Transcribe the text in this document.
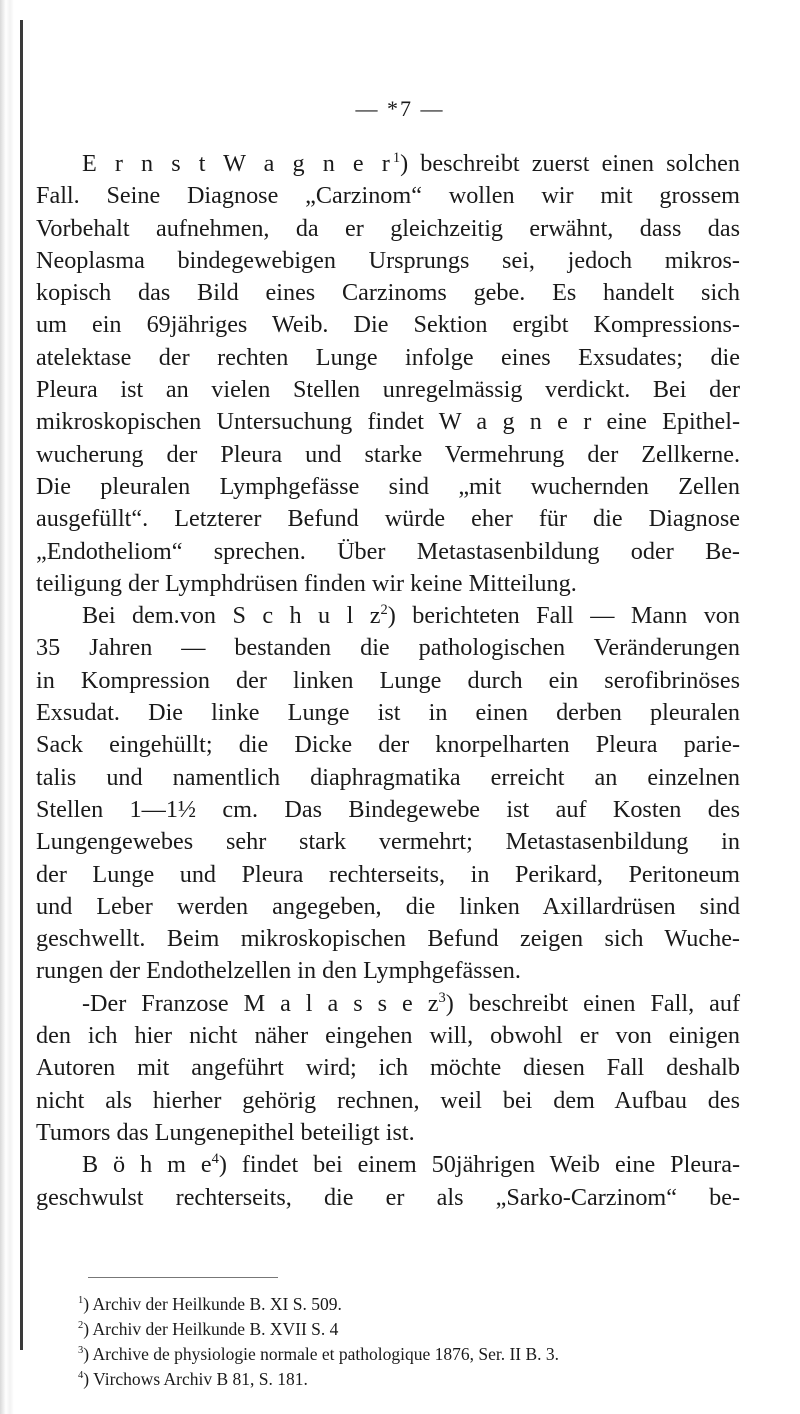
— *7 —
E r n s t W a g n e $r^1$) beschreibt zuerst einen solchen
Fall. Seine Diagnose „Carzinom“ wollen wir mit grossem
Vorbehalt aufnehmen, da er gleichzeitig erwähnt, dass das
Neoplasma bindegewebigen Ursprungs sei, jedoch mikros-
kopisch das Bild eines Carzinoms gebe. Es handelt sich
um ein 69jähriges Weib. Die Sektion ergibt Kompressions-
atelektase der rechten Lunge infolge eines Exsudates; die
Pleura ist an vielen Stellen unregelmässig verdickt. Bei der
mikroskopischen Untersuchung findet W a g n e r eine Epithel-
wucherung der Pleura und starke Vermehrung der Zellkerne.
Die pleuralen Lymphgefässe sind „mit wuchernden Zellen
ausgefüllt“. Letzterer Befund würde eher für die Diagnose
„Endotheliom“ sprechen. Über Metastasenbildung oder Be-
teiligung der Lymphdrüsen finden wir keine Mitteilung.
Bei dem.von S c h u l $z^2$) berichteten Fall — Mann von
35 Jahren — bestanden die pathologischen Veränderungen
in Kompression der linken Lunge durch ein serofibrinöses
Exsudat. Die linke Lunge ist in einen derben pleuralen
Sack eingehüllt; die Dicke der knorpelharten Pleura parie-
talis und namentlich diaphragmatika erreicht an einzelnen
Stellen 1—1½ cm. Das Bindegewebe ist auf Kosten des
Lungengewebes sehr stark vermehrt; Metastasenbildung in
der Lunge und Pleura rechterseits, in Perikard, Peritoneum
und Leber werden angegeben, die linken Axillardrüsen sind
geschwellt. Beim mikroskopischen Befund zeigen sich Wuche-
rungen der Endothelzellen in den Lymphgefässen.
-Der Franzose M a l a s s e $z^3$) beschreibt einen Fall, auf
den ich hier nicht näher eingehen will, obwohl er von einigen
Autoren mit angeführt wird; ich möchte diesen Fall deshalb
nicht als hierher gehörig rechnen, weil bei dem Aufbau des
Tumors das Lungenepithel beteiligt ist.
B ö h m $e^4$) findet bei einem 50jährigen Weib eine Pleura-
geschwulst rechterseits, die er als „Sarko-Carzinom“ be-
$^1$) Archiv der Heilkunde B. XI S. 509.
$^2$) Archiv der Heilkunde B. XVII S. 4
$^3$) Archive de physiologie normale et pathologique 1876, Ser. II B. 3.
$^4$) Virchows Archiv B 81, S. 181.
